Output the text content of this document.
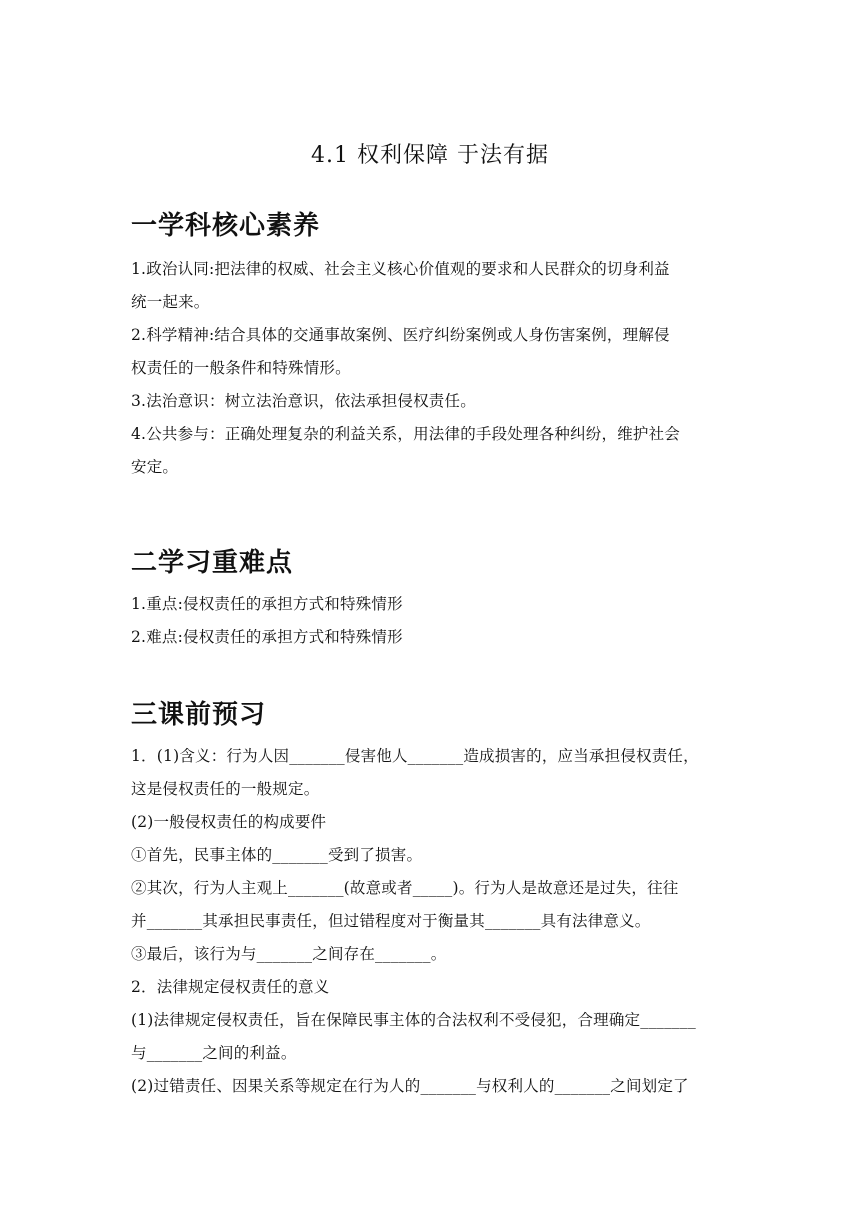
4.1 权利保障 于法有据
一学科核心素养
1.政治认同:把法律的权威、社会主义核心价值观的要求和人民群众的切身利益
统一起来。
2.科学精神:结合具体的交通事故案例、医疗纠纷案例或人身伤害案例，理解侵
权责任的一般条件和特殊情形。
3.法治意识：树立法治意识，依法承担侵权责任。
4.公共参与：正确处理复杂的利益关系，用法律的手段处理各种纠纷，维护社会
安定。
二学习重难点
1.重点:侵权责任的承担方式和特殊情形
2.难点:侵权责任的承担方式和特殊情形
三课前预习
1．(1)含义：行为人因_______侵害他人_______造成损害的，应当承担侵权责任，
这是侵权责任的一般规定。
(2)一般侵权责任的构成要件
①首先，民事主体的_______受到了损害。
②其次，行为人主观上_______(故意或者_____)。行为人是故意还是过失，往往
并_______其承担民事责任，但过错程度对于衡量其_______具有法律意义。
③最后，该行为与_______之间存在_______。
2．法律规定侵权责任的意义
(1)法律规定侵权责任，旨在保障民事主体的合法权利不受侵犯，合理确定_______
与_______之间的利益。
(2)过错责任、因果关系等规定在行为人的_______与权利人的_______之间划定了
